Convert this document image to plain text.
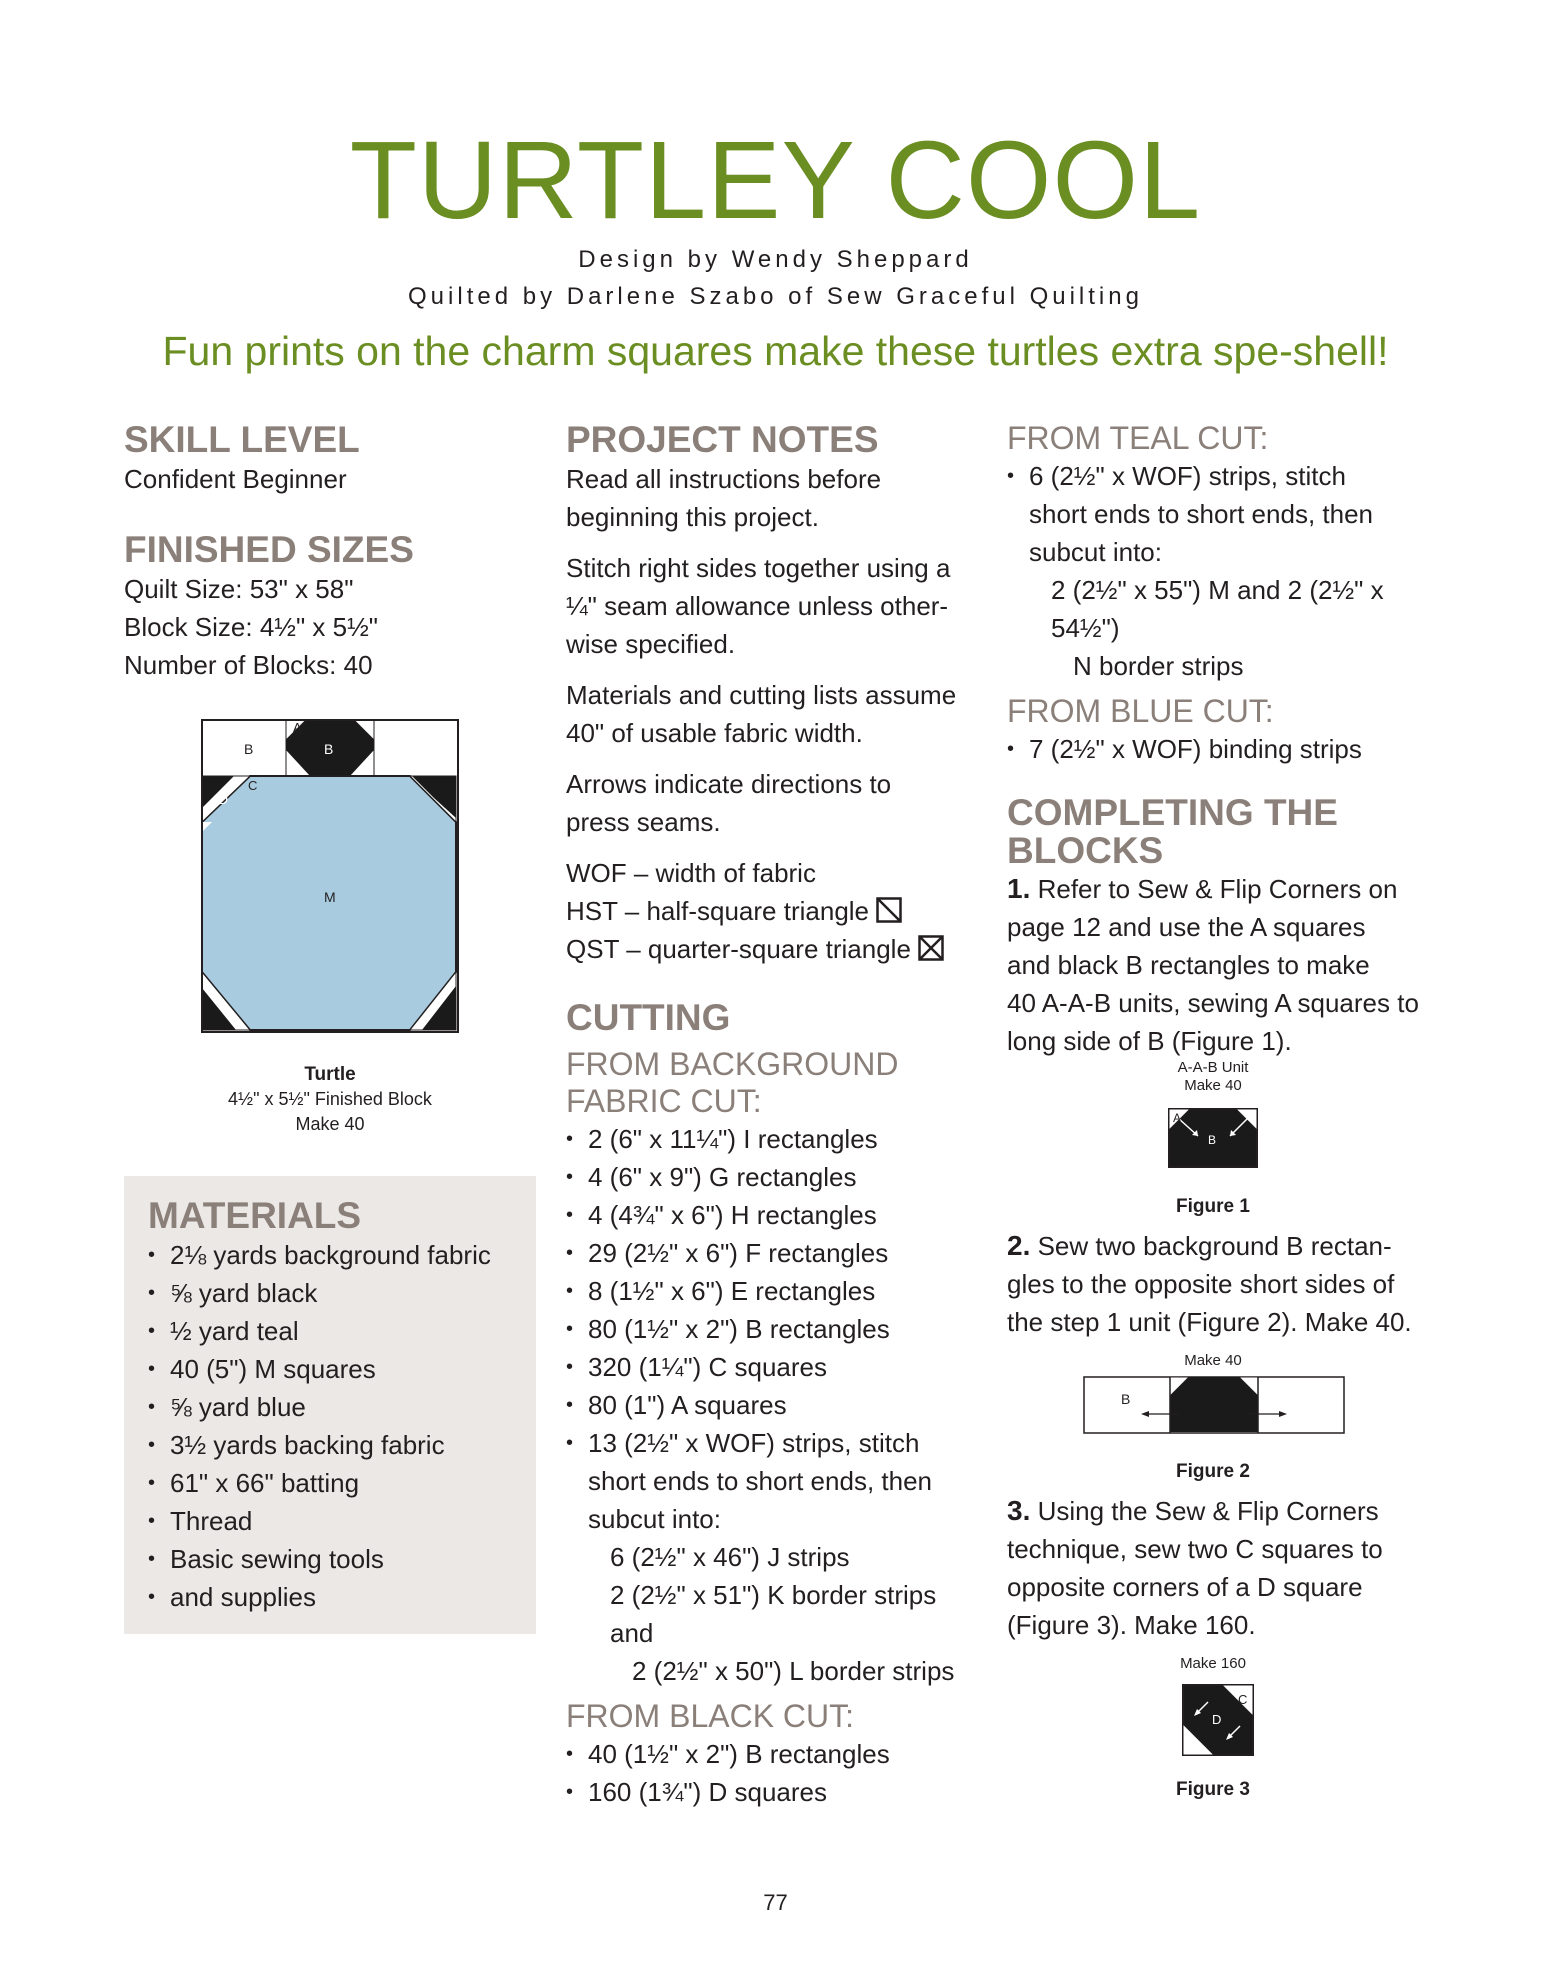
TURTLEY COOL
Design by Wendy Sheppard
Quilted by Darlene Szabo of Sew Graceful Quilting
Fun prints on the charm squares make these turtles extra spe-shell!
SKILL LEVEL
Confident Beginner
FINISHED SIZES
Quilt Size: 53" x 58"
Block Size: 4½" x 5½"
Number of Blocks: 40
A
B	B
C
D
M
Turtle
4½" x 5½" Finished Block
Make 40
MATERIALS
• 2⅛ yards background fabric
• ⅝ yard black
• ½ yard teal
• 40 (5") M squares
• ⅝ yard blue
• 3½ yards backing fabric
• 61" x 66" batting
• Thread
• Basic sewing tools
• and supplies
PROJECT NOTES
Read all instructions before
beginning this project.
Stitch right sides together using a
¼" seam allowance unless other-
wise specified.
Materials and cutting lists assume
40" of usable fabric width.
Arrows indicate directions to
press seams.
WOF – width of fabric
HST – half-square triangle
QST – quarter-square triangle
CUTTING
FROM BACKGROUND
FABRIC CUT:
• 2 (6" x 11¼") I rectangles
• 4 (6" x 9") G rectangles
• 4 (4¾" x 6") H rectangles
• 29 (2½" x 6") F rectangles
• 8 (1½" x 6") E rectangles
• 80 (1½" x 2") B rectangles
• 320 (1¼") C squares
• 80 (1") A squares
• 13 (2½" x WOF) strips, stitch
short ends to short ends, then
subcut into:
6 (2½" x 46") J strips
2 (2½" x 51") K border strips and
2 (2½" x 50") L border strips
FROM BLACK CUT:
• 40 (1½" x 2") B rectangles
• 160 (1¾") D squares
FROM TEAL CUT:
• 6 (2½" x WOF) strips, stitch
short ends to short ends, then
subcut into:
2 (2½" x 55") M and 2 (2½" x 54½")
N border strips
FROM BLUE CUT:
• 7 (2½" x WOF) binding strips
COMPLETING THE
BLOCKS
1. Refer to Sew & Flip Corners on
page 12 and use the A squares
and black B rectangles to make
40 A-A-B units, sewing A squares to
long side of B (Figure 1).
A-A-B Unit
Make 40
A
B
Figure 1
2. Sew two background B rectan-
gles to the opposite short sides of
the step 1 unit (Figure 2). Make 40.
Make 40
B
Figure 2
3. Using the Sew & Flip Corners
technique, sew two C squares to
opposite corners of a D square
(Figure 3). Make 160.
Make 160
C
D
Figure 3
77
